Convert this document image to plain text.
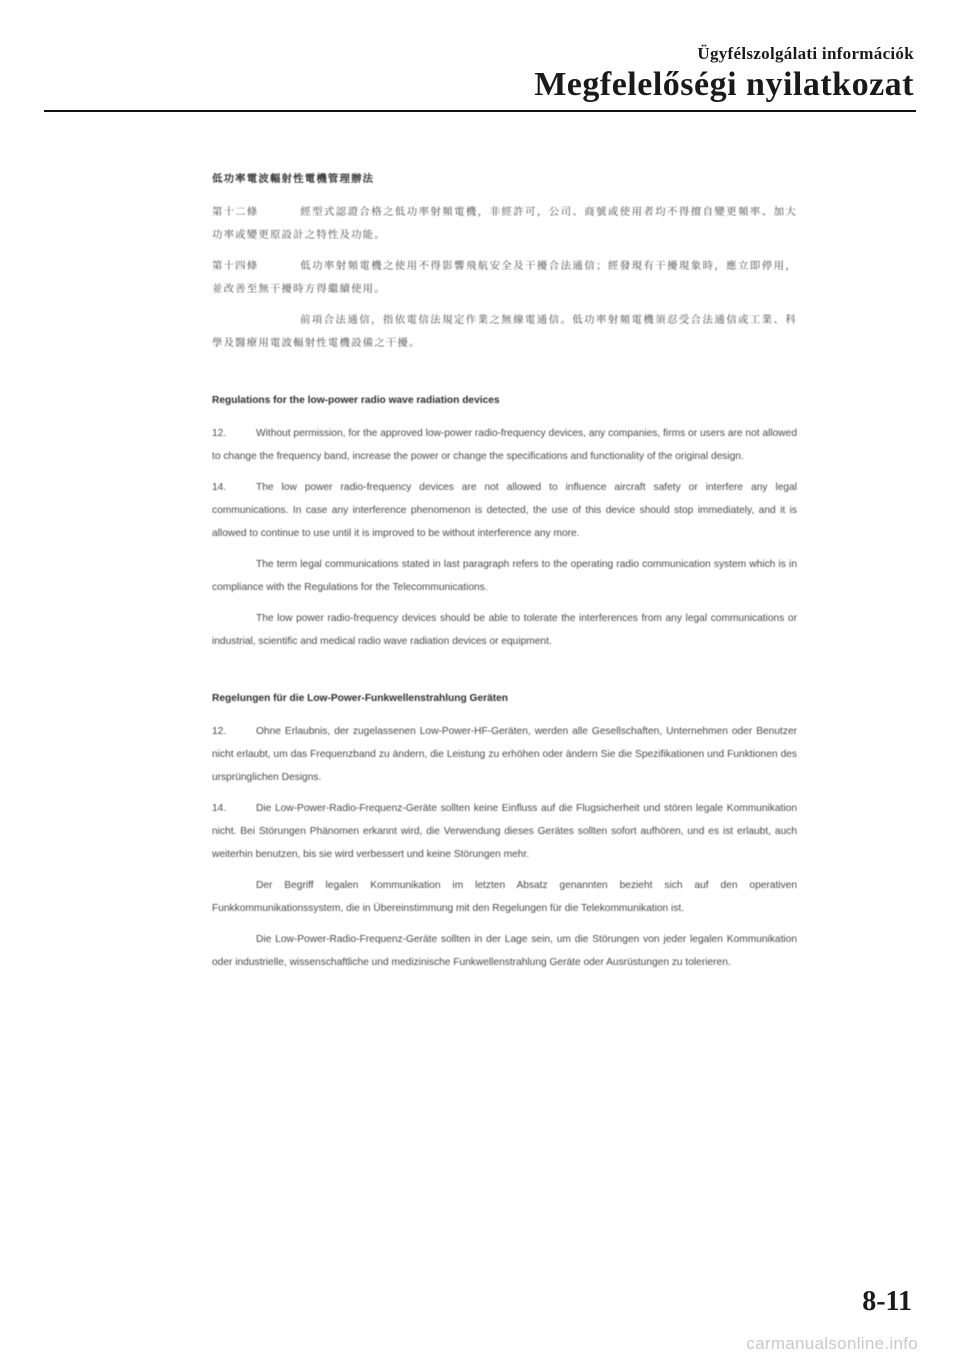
Ügyfélszolgálati információk
Megfelelőségi nyilatkozat
低功率電波輻射性電機管理辦法

第十二條	經型式認證合格之低功率射頻電機，非經許可，公司、商號或使用者均不得擅自變更頻率、加大功率或變更原設計之特性及功能。

第十四條	低功率射頻電機之使用不得影響飛航安全及干擾合法通信；經發現有干擾現象時，應立即停用，並改善至無干擾時方得繼續使用。

前項合法通信，指依電信法規定作業之無線電通信。低功率射頻電機須忍受合法通信或工業、科學及醫療用電波輻射性電機設備之干擾。

Regulations for the low-power radio wave radiation devices

12.	Without permission, for the approved low-power radio-frequency devices, any companies, firms or users are not allowed to change the frequency band, increase the power or change the specifications and functionality of the original design.

14.	The low power radio-frequency devices are not allowed to influence aircraft safety or interfere any legal communications. In case any interference phenomenon is detected, the use of this device should stop immediately, and it is allowed to continue to use until it is improved to be without interference any more.

The term legal communications stated in last paragraph refers to the operating radio communication system which is in compliance with the Regulations for the Telecommunications.

The low power radio-frequency devices should be able to tolerate the interferences from any legal communications or industrial, scientific and medical radio wave radiation devices or equipment.

Regelungen für die Low-Power-Funkwellenstrahlung Geräten

12.	Ohne Erlaubnis, der zugelassenen Low-Power-HF-Geräten, werden alle Gesellschaften, Unternehmen oder Benutzer nicht erlaubt, um das Frequenzband zu ändern, die Leistung zu erhöhen oder ändern Sie die Spezifikationen und Funktionen des ursprünglichen Designs.

14.	Die Low-Power-Radio-Frequenz-Geräte sollten keine Einfluss auf die Flugsicherheit und stören legale Kommunikation nicht. Bei Störungen Phänomen erkannt wird, die Verwendung dieses Gerätes sollten sofort aufhören, und es ist erlaubt, auch weiterhin benutzen, bis sie wird verbessert und keine Störungen mehr.

Der Begriff legalen Kommunikation im letzten Absatz genannten bezieht sich auf den operativen Funkkommunikationssystem, die in Übereinstimmung mit den Regelungen für die Telekommunikation ist.

Die Low-Power-Radio-Frequenz-Geräte sollten in der Lage sein, um die Störungen von jeder legalen Kommunikation oder industrielle, wissenschaftliche und medizinische Funkwellenstrahlung Geräte oder Ausrüstungen zu tolerieren.

8-11
carmanualsonline.info
